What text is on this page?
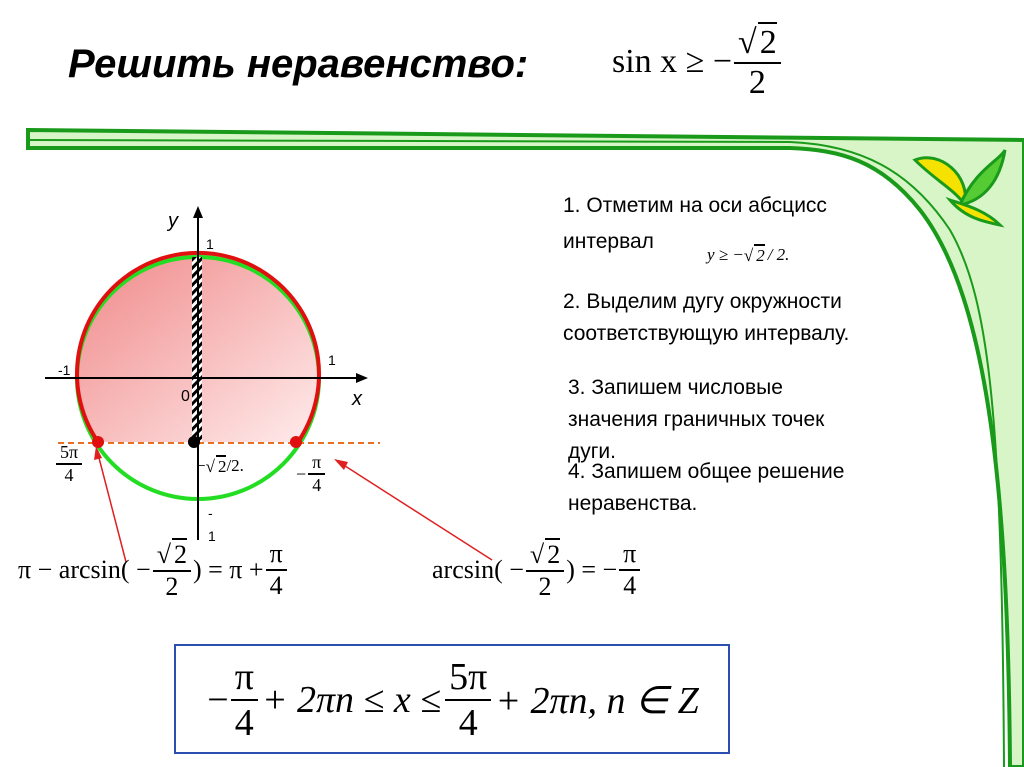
Решить неравенство: sin x ≥ − $\frac{√2}{2}$
y
x
0
1
-1
1
-
1
− √ 2 /2.
$\frac{5\pi}{4}$	− $\frac{\pi}{4}$
1. Отметим на оси абсцисс
интервал
y ≥ − √ 2 / 2.
2. Выделим дугу окружности
соответствующую интервалу.
3. Запишем числовые
значения граничных точек
дуги.
4. Запишем общее решение
неравенства.
$\pi - \arcsin( - \frac{√ 2}{2}$ ) = $\pi + \frac{\pi}{4}$	$\arcsin( - \frac{√ 2}{2}$ ) = − $\frac{\pi}{4}$
− $\frac{\pi}{4} + 2\pi n \le x \le \frac{5\pi}{4} + 2\pi n$, n ∈ Z
